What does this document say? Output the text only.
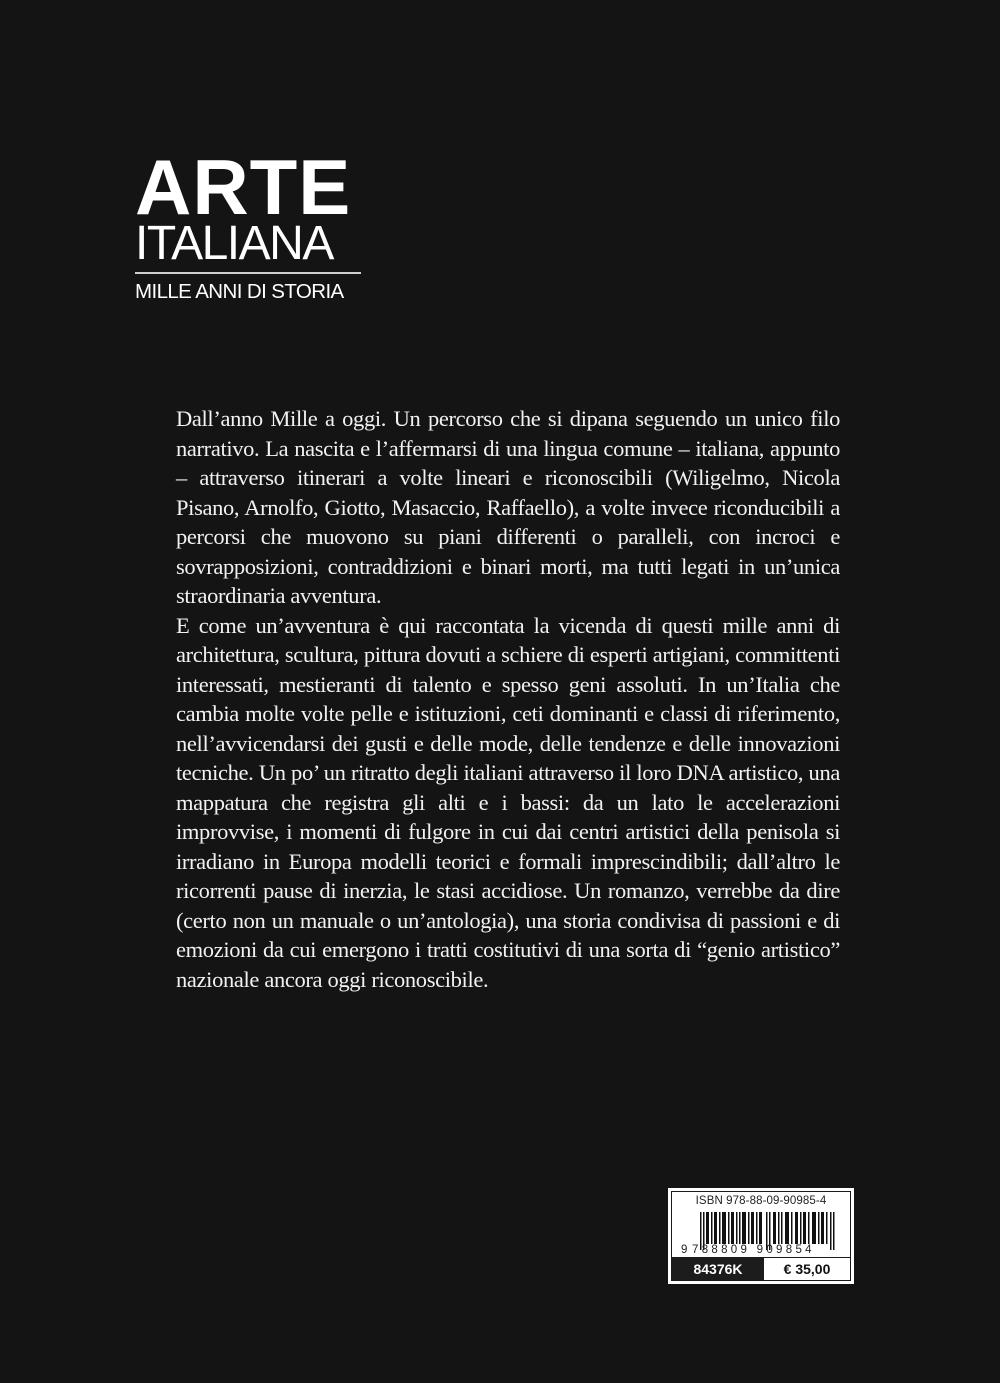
ARTE
ITALIANA
MILLE ANNI DI STORIA

Dall’anno Mille a oggi. Un percorso che si dipana seguendo un unico filo narrativo. La nascita e l’affermarsi di una lingua comune – italiana, appunto – attraverso itinerari a volte lineari e riconoscibili (Wiligelmo, Nicola Pisano, Arnolfo, Giotto, Masaccio, Raffaello), a volte invece riconducibili a percorsi che muovono su piani differenti o paralleli, con incroci e sovrapposizioni, contraddizioni e binari morti, ma tutti legati in un’unica straordinaria avventura.

E come un’avventura è qui raccontata la vicenda di questi mille anni di architettura, scultura, pittura dovuti a schiere di esperti artigiani, committenti interessati, mestieranti di talento e spesso geni assoluti. In un’Italia che cambia molte volte pelle e istituzioni, ceti dominanti e classi di riferimento, nell’avvicendarsi dei gusti e delle mode, delle tendenze e delle innovazioni tecniche. Un po’ un ritratto degli italiani attraverso il loro DNA artistico, una mappatura che registra gli alti e i bassi: da un lato le accelerazioni improvvise, i momenti di fulgore in cui dai centri artistici della penisola si irradiano in Europa modelli teorici e formali imprescindibili; dall’altro le ricorrenti pause di inerzia, le stasi accidiose. Un romanzo, verrebbe da dire (certo non un manuale o un’antologia), una storia condivisa di passioni e di emozioni da cui emergono i tratti costitutivi di una sorta di “genio artistico” nazionale ancora oggi riconoscibile.

ISBN 978-88-09-90985-4
9 788809 909854
84376K	€ 35,00
